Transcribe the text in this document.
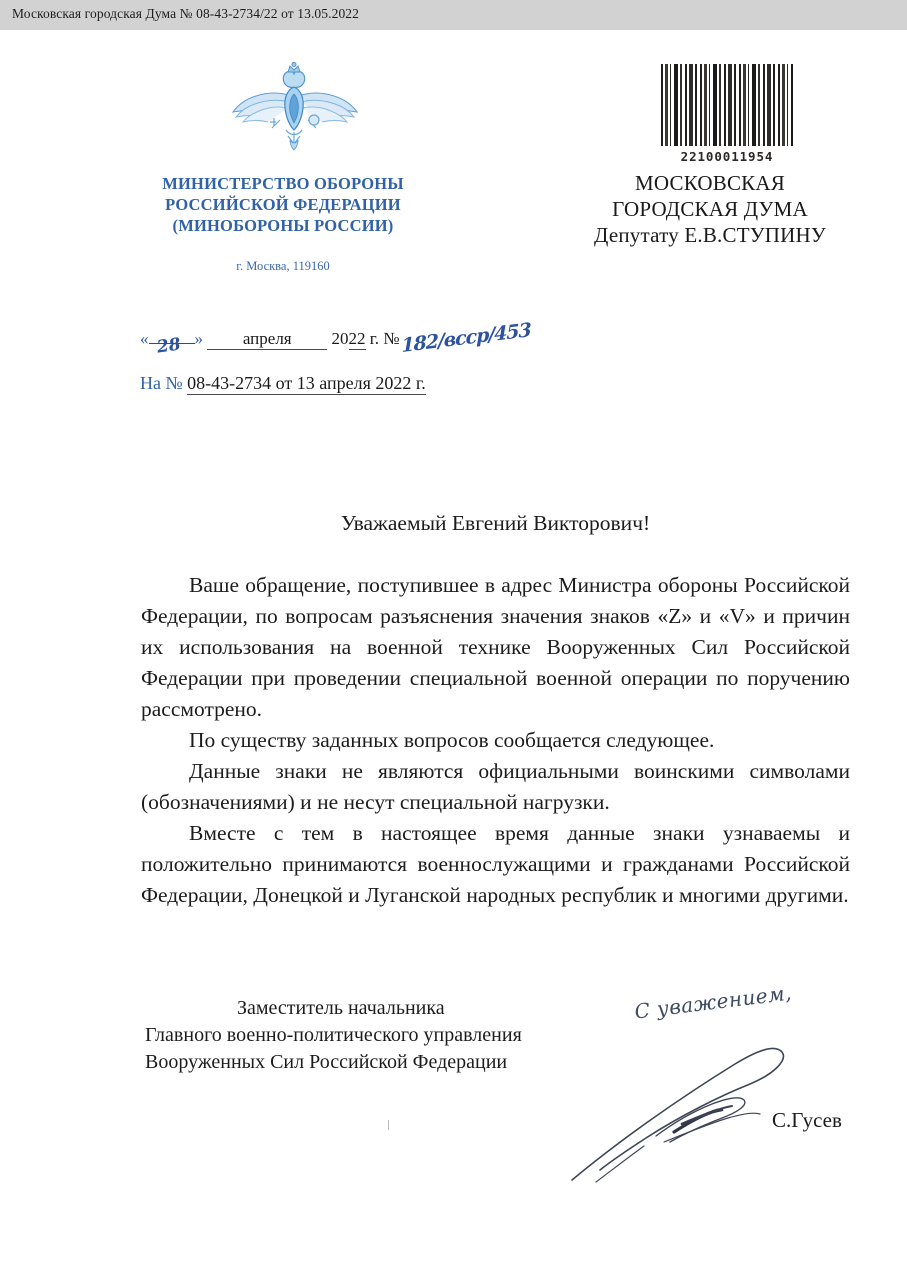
Московская городская Дума № 08-43-2734/22 от 13.05.2022
МИНИСТЕРСТВО ОБОРОНЫ
РОССИЙСКОЙ ФЕДЕРАЦИИ
(МИНОБОРОНЫ РОССИИ)
г. Москва, 119160
22100011954
МОСКОВСКАЯ
ГОРОДСКАЯ ДУМА
Депутату Е.В.СТУПИНУ
« 28 » апреля 2022 г. №182/всср/453
На № 08-43-2734 от 13 апреля 2022 г.
Уважаемый Евгений Викторович!

Ваше обращение, поступившее в адрес Министра обороны Российской Федерации, по вопросам разъяснения значения знаков «Z» и «V» и причин их использования на военной технике Вооруженных Сил Российской Федерации при проведении специальной военной операции по поручению рассмотрено.

По существу заданных вопросов сообщается следующее.

Данные знаки не являются официальными воинскими символами (обозначениями) и не несут специальной нагрузки.

Вместе с тем в настоящее время данные знаки узнаваемы и положительно принимаются военнослужащими и гражданами Российской Федерации, Донецкой и Луганской народных республик и многими другими.

Заместитель начальника
Главного военно-политического управления
Вооруженных Сил Российской Федерации
С уважением,
С.Гусев
